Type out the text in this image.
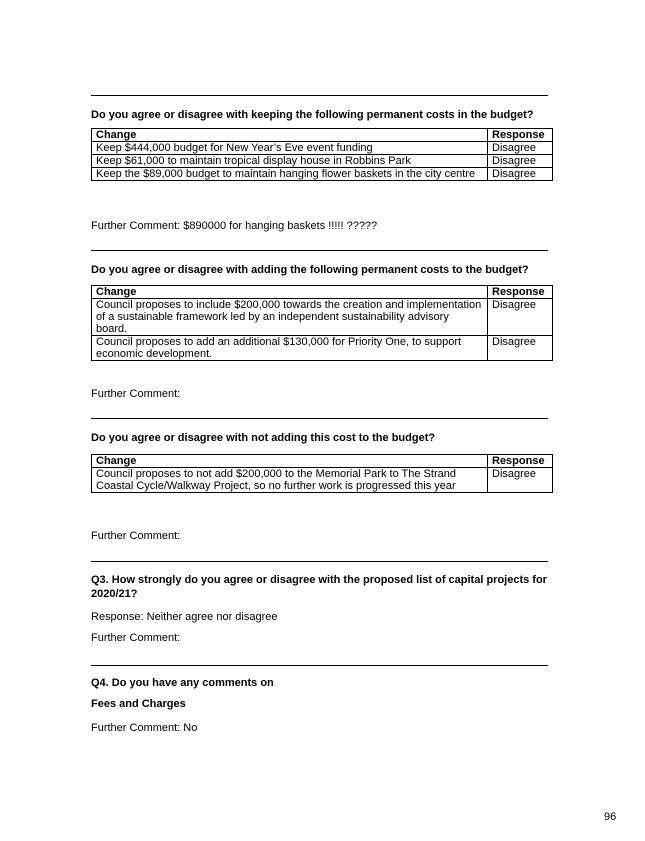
Do you agree or disagree with keeping the following permanent costs in the budget?
Change	Response
Keep $444,000 budget for New Year’s Eve event funding	Disagree
Keep $61,000 to maintain tropical display house in Robbins Park	Disagree
Keep the $89,000 budget to maintain hanging flower baskets in the city centre	Disagree
Further Comment: $890000 for hanging baskets !!!!! ?????
Do you agree or disagree with adding the following permanent costs to the budget?
Change	Response
Council proposes to include $200,000 towards the creation and implementation of a sustainable framework led by an independent sustainability advisory board.	Disagree
Council proposes to add an additional $130,000 for Priority One, to support economic development.	Disagree
Further Comment:
Do you agree or disagree with not adding this cost to the budget?
Change	Response
Council proposes to not add $200,000 to the Memorial Park to The Strand Coastal Cycle/Walkway Project, so no further work is progressed this year	Disagree
Further Comment:
Q3. How strongly do you agree or disagree with the proposed list of capital projects for 2020/21?
Response: Neither agree nor disagree
Further Comment:
Q4. Do you have any comments on
Fees and Charges
Further Comment: No
96
